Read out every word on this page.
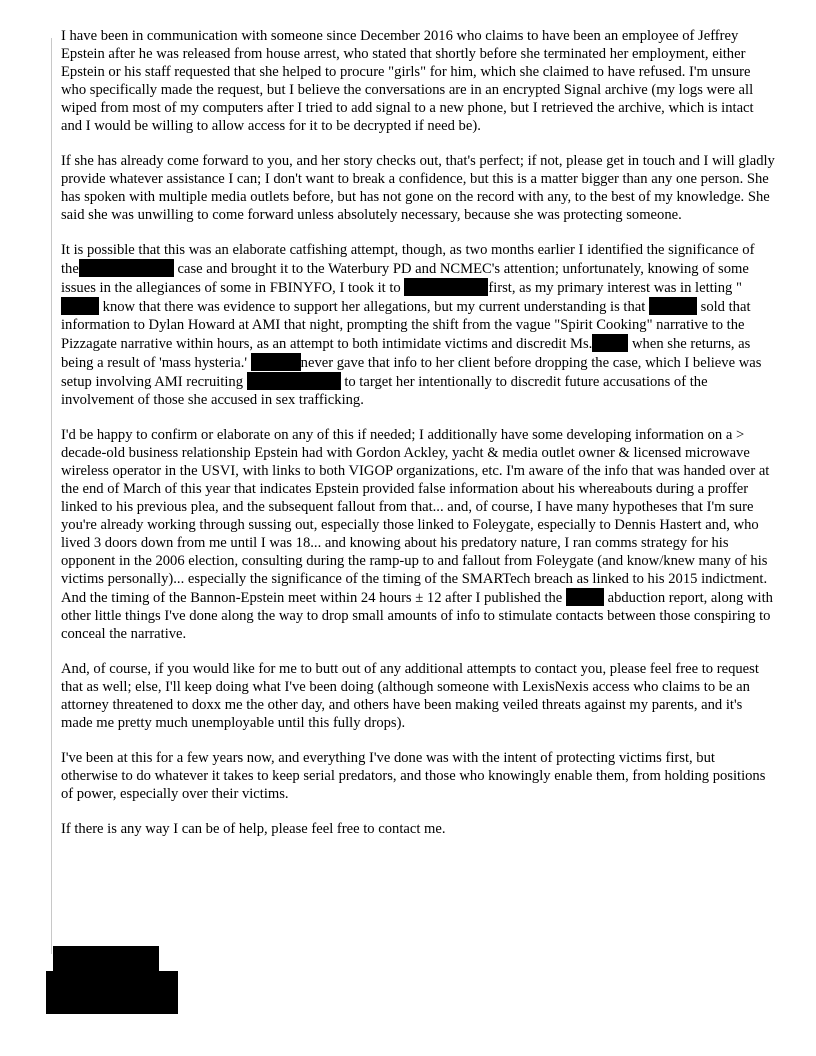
I have been in communication with someone since December 2016 who claims to have been an employee of Jeffrey Epstein after he was released from house arrest, who stated that shortly before she terminated her employment, either Epstein or his staff requested that she helped to procure "girls" for him, which she claimed to have refused. I'm unsure who specifically made the request, but I believe the conversations are in an encrypted Signal archive (my logs were all wiped from most of my computers after I tried to add signal to a new phone, but I retrieved the archive, which is intact and I would be willing to allow access for it to be decrypted if need be).

If she has already come forward to you, and her story checks out, that's perfect; if not, please get in touch and I will gladly provide whatever assistance I can; I don't want to break a confidence, but this is a matter bigger than any one person. She has spoken with multiple media outlets before, but has not gone on the record with any, to the best of my knowledge. She said she was unwilling to come forward unless absolutely necessary, because she was protecting someone.

It is possible that this was an elaborate catfishing attempt, though, as two months earlier I identified the significance of the	case and brought it to the Waterbury PD and NCMEC's attention; unfortunately, knowing of some issues in the allegiances of some in FBINYFO, I took it to	first, as my primary interest was in letting " know that there was evidence to support her allegations, but my current understanding is that	sold that information to Dylan Howard at AMI that night, prompting the shift from the vague "Spirit Cooking" narrative to the Pizzagate narrative within hours, as an attempt to both intimidate victims and discredit Ms.	when she returns, as being a result of 'mass hysteria.'	never gave that info to her client before dropping the case, which I believe was setup involving AMI recruiting	to target her intentionally to discredit future accusations of the involvement of those she accused in sex trafficking.

I'd be happy to confirm or elaborate on any of this if needed; I additionally have some developing information on a > decade-old business relationship Epstein had with Gordon Ackley, yacht & media outlet owner & licensed microwave wireless operator in the USVI, with links to both VIGOP organizations, etc. I'm aware of the info that was handed over at the end of March of this year that indicates Epstein provided false information about his whereabouts during a proffer linked to his previous plea, and the subsequent fallout from that... and, of course, I have many hypotheses that I'm sure you're already working through sussing out, especially those linked to Foleygate, especially to Dennis Hastert and, who lived 3 doors down from me until I was 18... and knowing about his predatory nature, I ran comms strategy for his opponent in the 2006 election, consulting during the ramp-up to and fallout from Foleygate (and know/knew many of his victims personally)... especially the significance of the timing of the SMARTech breach as linked to his 2015 indictment. And the timing of the Bannon-Epstein meet within 24 hours ± 12 after I published the	abduction report, along with other little things I've done along the way to drop small amounts of info to stimulate contacts between those conspiring to conceal the narrative.

And, of course, if you would like for me to butt out of any additional attempts to contact you, please feel free to request that as well; else, I'll keep doing what I've been doing (although someone with LexisNexis access who claims to be an attorney threatened to doxx me the other day, and others have been making veiled threats against my parents, and it's made me pretty much unemployable until this fully drops).

I've been at this for a few years now, and everything I've done was with the intent of protecting victims first, but otherwise to do whatever it takes to keep serial predators, and those who knowingly enable them, from holding positions of power, especially over their victims.

If there is any way I can be of help, please feel free to contact me.
